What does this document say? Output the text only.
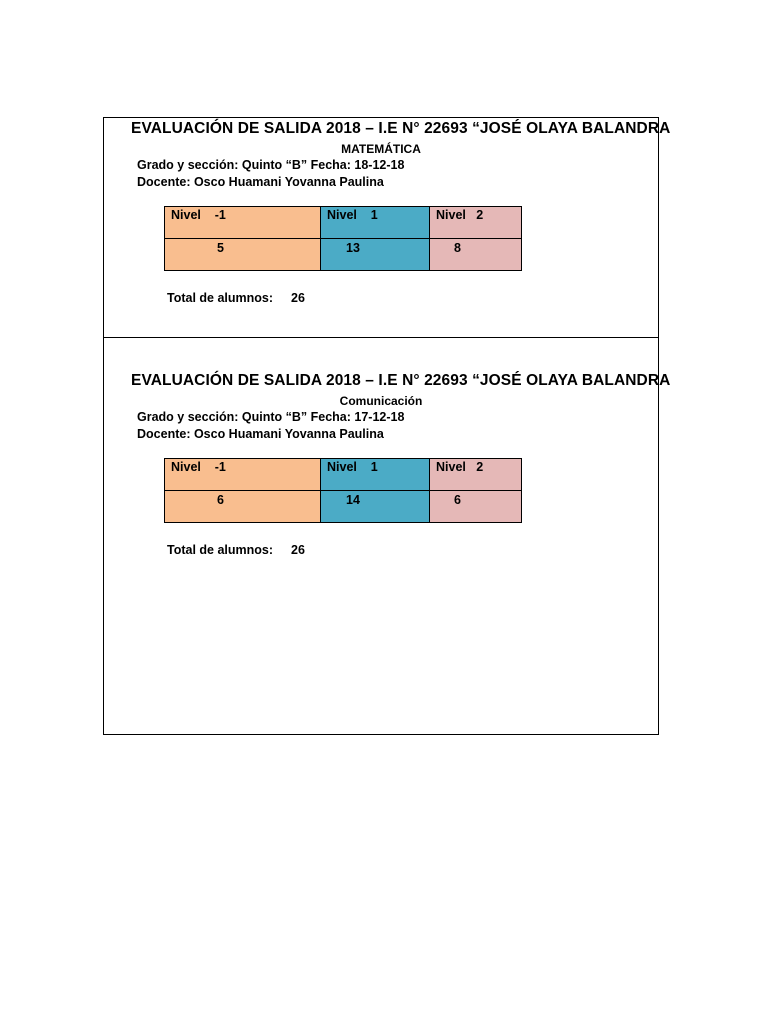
EVALUACIÓN DE SALIDA 2018 – I.E N° 22693 “JOSÉ OLAYA BALANDRA
MATEMÁTICA
Grado y sección: Quinto “B” Fecha: 18-12-18
Docente: Osco Huamani Yovanna Paulina
Nivel    -1	Nivel    1	Nivel   2

5	13	8
Total de alumnos: 26
EVALUACIÓN DE SALIDA 2018 – I.E N° 22693 “JOSÉ OLAYA BALANDRA
Comunicación
Grado y sección: Quinto “B” Fecha: 17-12-18
Docente: Osco Huamani Yovanna Paulina
Nivel    -1	Nivel    1	Nivel   2

6	14	6
Total de alumnos: 26
